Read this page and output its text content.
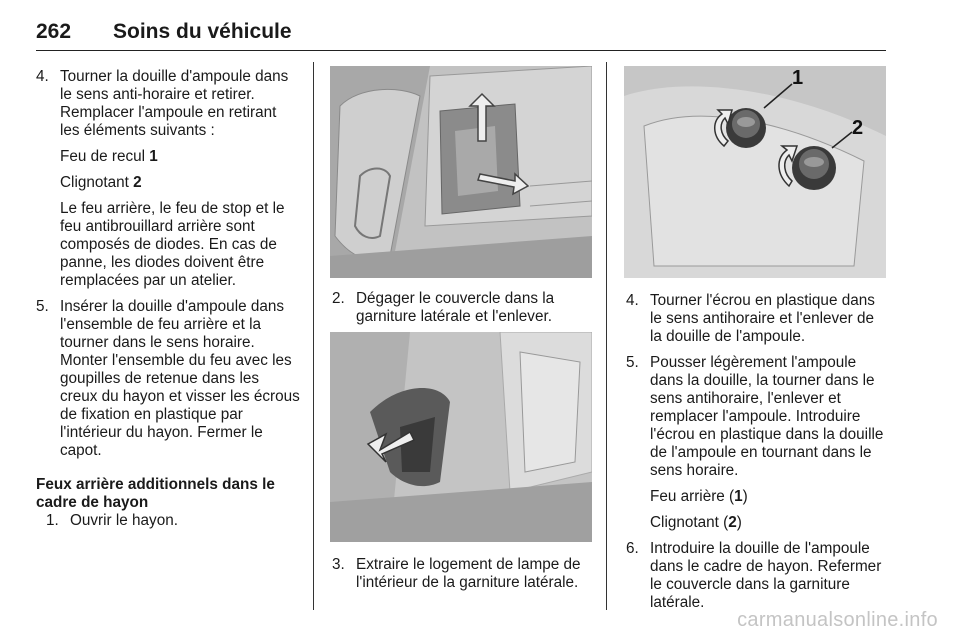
262 Soins du véhicule
4. Tourner la douille d'ampoule dans le sens anti-horaire et retirer. Remplacer l'ampoule en retirant les éléments suivants :
Feu de recul 1
Clignotant 2
Le feu arrière, le feu de stop et le feu antibrouillard arrière sont composés de diodes. En cas de panne, les diodes doivent être remplacées par un atelier.
5. Insérer la douille d'ampoule dans l'ensemble de feu arrière et la tourner dans le sens horaire. Monter l'ensemble du feu avec les goupilles de retenue dans les creux du hayon et visser les écrous de fixation en plastique par l'intérieur du hayon. Fermer le capot.

Feux arrière additionnels dans le cadre de hayon

1. Ouvrir le hayon.
2. Dégager le couvercle dans la garniture latérale et l'enlever.
3. Extraire le logement de lampe de l'intérieur de la garniture latérale.
1
2
4. Tourner l'écrou en plastique dans le sens antihoraire et l'enlever de la douille de l'ampoule.
5. Pousser légèrement l'ampoule dans la douille, la tourner dans le sens antihoraire, l'enlever et remplacer l'ampoule. Introduire l'écrou en plastique dans la douille de l'ampoule en tournant dans le sens horaire.
Feu arrière (1)
Clignotant (2)
6. Introduire la douille de l'ampoule dans le cadre de hayon. Refermer le couvercle dans la garniture latérale.
carmanualsonline.info
